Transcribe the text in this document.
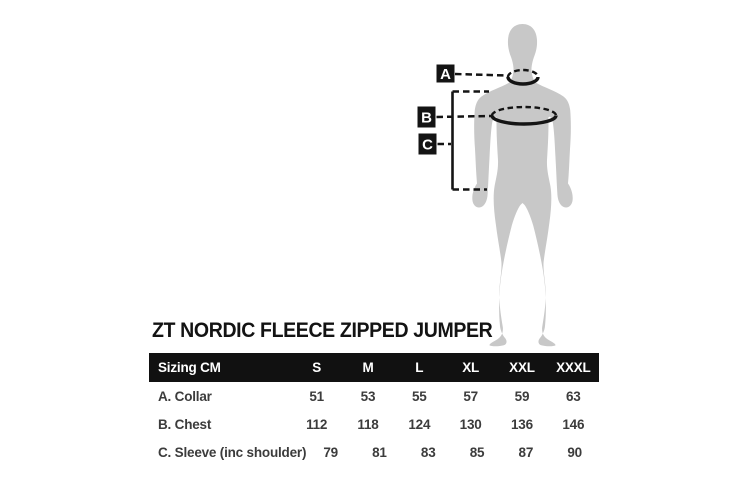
A
B
C
ZT NORDIC FLEECE ZIPPED JUMPER
Sizing CM	S	M	L	XL	XXL	XXXL
A. Collar	51	53	55	57	59	63
B. Chest	112	118	124	130	136	146
C. Sleeve (inc shoulder)	79	81	83	85	87	90
